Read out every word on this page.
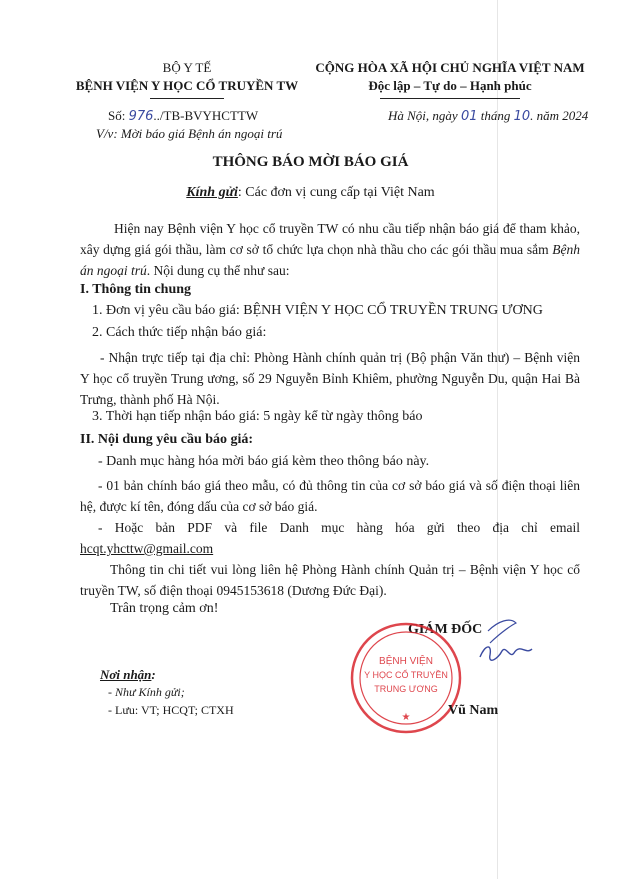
BỘ Y TẾ
BỆNH VIỆN Y HỌC CỔ TRUYỀN TW
CỘNG HÒA XÃ HỘI CHỦ NGHĨA VIỆT NAM
Độc lập – Tự do – Hạnh phúc
Số: 976../TB-BVYHCTTW
V/v: Mời báo giá Bệnh án ngoại trú
Hà Nội, ngày 01 tháng 10. năm 2024
THÔNG BÁO MỜI BÁO GIÁ
Kính gửi: Các đơn vị cung cấp tại Việt Nam
Hiện nay Bệnh viện Y học cổ truyền TW có nhu cầu tiếp nhận báo giá để tham khảo, xây dựng giá gói thầu, làm cơ sở tổ chức lựa chọn nhà thầu cho các gói thầu mua sắm Bệnh án ngoại trú. Nội dung cụ thể như sau:
I. Thông tin chung
1. Đơn vị yêu cầu báo giá: BỆNH VIỆN Y HỌC CỔ TRUYỀN TRUNG ƯƠNG
2. Cách thức tiếp nhận báo giá:
- Nhận trực tiếp tại địa chỉ: Phòng Hành chính quản trị (Bộ phận Văn thư) – Bệnh viện Y học cổ truyền Trung ương, số 29 Nguyễn Bỉnh Khiêm, phường Nguyễn Du, quận Hai Bà Trưng, thành phố Hà Nội.
3. Thời hạn tiếp nhận báo giá: 5 ngày kể từ ngày thông báo
II. Nội dung yêu cầu báo giá:
- Danh mục hàng hóa mời báo giá kèm theo thông báo này.
- 01 bản chính báo giá theo mẫu, có đủ thông tin của cơ sở báo giá và số điện thoại liên hệ, được kí tên, đóng dấu của cơ sở báo giá.
- Hoặc bản PDF và file Danh mục hàng hóa gửi theo địa chỉ email hcqt.yhcttw@gmail.com
Thông tin chi tiết vui lòng liên hệ Phòng Hành chính Quản trị – Bệnh viện Y học cổ truyền TW, số điện thoại 0945153618 (Dương Đức Đại).
Trân trọng cảm ơn!
Nơi nhận:
- Như Kính gửi;
- Lưu: VT; HCQT; CTXH
GIÁM ĐỐC
BỆNH VIỆN
Y HỌC CỔ TRUYỀN
TRUNG ƯƠNG
★	Vũ Nam
